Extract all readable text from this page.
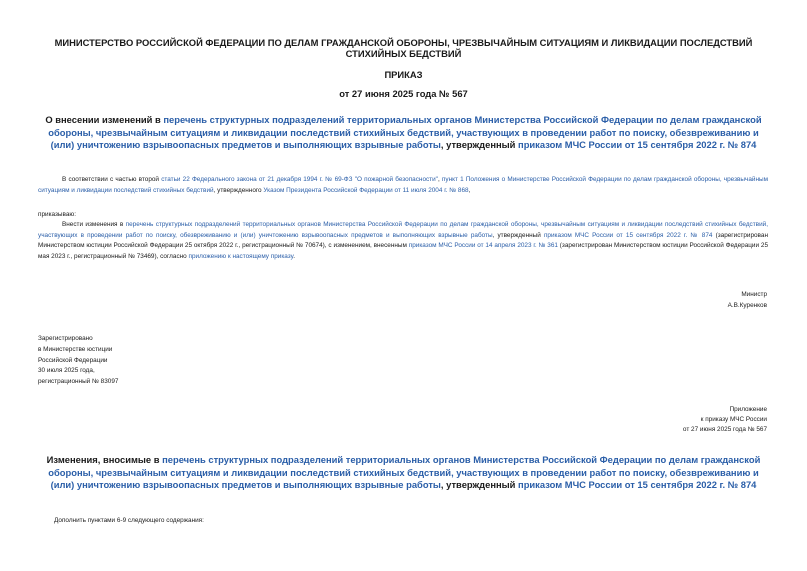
МИНИСТЕРСТВО РОССИЙСКОЙ ФЕДЕРАЦИИ ПО ДЕЛАМ ГРАЖДАНСКОЙ ОБОРОНЫ, ЧРЕЗВЫЧАЙНЫМ СИТУАЦИЯМ И ЛИКВИДАЦИИ ПОСЛЕДСТВИЙ СТИХИЙНЫХ БЕДСТВИЙ
ПРИКАЗ
от 27 июня 2025 года № 567
О внесении изменений в перечень структурных подразделений территориальных органов Министерства Российской Федерации по делам гражданской обороны, чрезвычайным ситуациям и ликвидации последствий стихийных бедствий, участвующих в проведении работ по поиску, обезвреживанию и (или) уничтожению взрывоопасных предметов и выполняющих взрывные работы, утвержденный приказом МЧС России от 15 сентября 2022 г. № 874
В соответствии с частью второй статьи 22 Федерального закона от 21 декабря 1994 г. № 69-ФЗ "О пожарной безопасности", пункт 1 Положения о Министерстве Российской Федерации по делам гражданской обороны, чрезвычайным ситуациям и ликвидации последствий стихийных бедствий, утвержденного Указом Президента Российской Федерации от 11 июля 2004 г. № 868,
приказываю:
Внести изменения в перечень структурных подразделений территориальных органов Министерства Российской Федерации по делам гражданской обороны, чрезвычайным ситуациям и ликвидации последствий стихийных бедствий, участвующих в проведении работ по поиску, обезвреживанию и (или) уничтожению взрывоопасных предметов и выполняющих взрывные работы, утвержденный приказом МЧС России от 15 сентября 2022 г. № 874 (зарегистрирован Министерством юстиции Российской Федерации 25 октября 2022 г., регистрационный № 70674), с изменением, внесенным приказом МЧС России от 14 апреля 2023 г. № 361 (зарегистрирован Министерством юстиции Российской Федерации 25 мая 2023 г., регистрационный № 73469), согласно приложению к настоящему приказу.
Министр
А.В.Куренков
Зарегистрировано
в Министерстве юстиции
Российской Федерации
30 июля 2025 года,
регистрационный № 83097
Приложение
к приказу МЧС России
от 27 июня 2025 года № 567
Изменения, вносимые в перечень структурных подразделений территориальных органов Министерства Российской Федерации по делам гражданской обороны, чрезвычайным ситуациям и ликвидации последствий стихийных бедствий, участвующих в проведении работ по поиску, обезвреживанию и (или) уничтожению взрывоопасных предметов и выполняющих взрывные работы, утвержденный приказом МЧС России от 15 сентября 2022 г. № 874
Дополнить пунктами 6-9 следующего содержания:
